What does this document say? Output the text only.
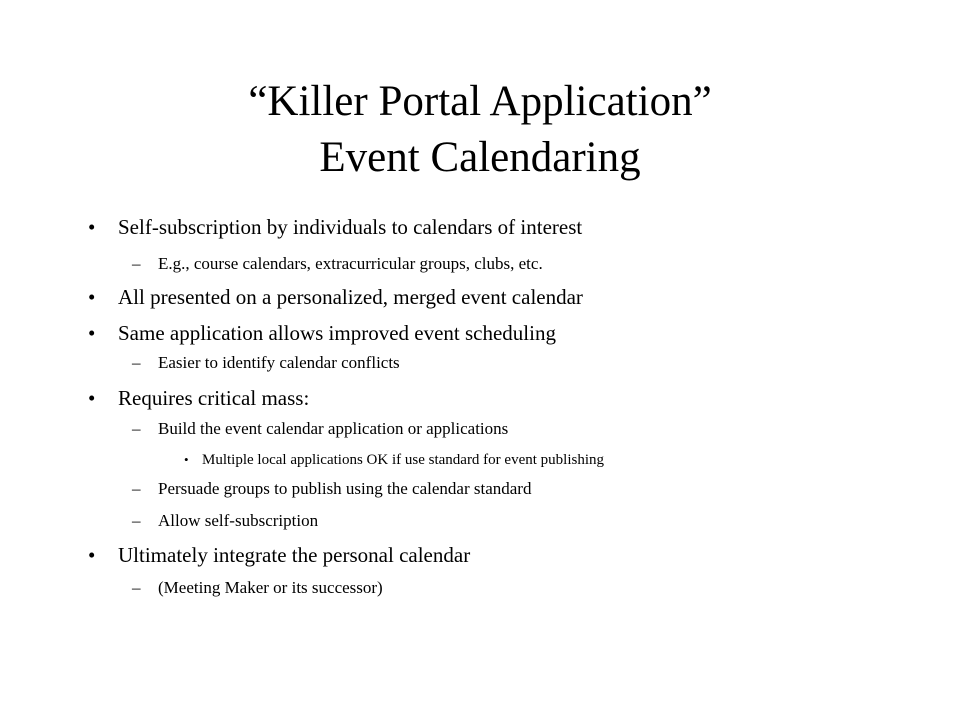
“Killer Portal Application”
Event Calendaring
• Self-subscription by individuals to calendars of interest
– E.g., course calendars, extracurricular groups, clubs, etc.
• All presented on a personalized, merged event calendar
• Same application allows improved event scheduling
– Easier to identify calendar conflicts
• Requires critical mass:
– Build the event calendar application or applications
• Multiple local applications OK if use standard for event publishing
– Persuade groups to publish using the calendar standard
– Allow self-subscription
• Ultimately integrate the personal calendar
– (Meeting Maker or its successor)
